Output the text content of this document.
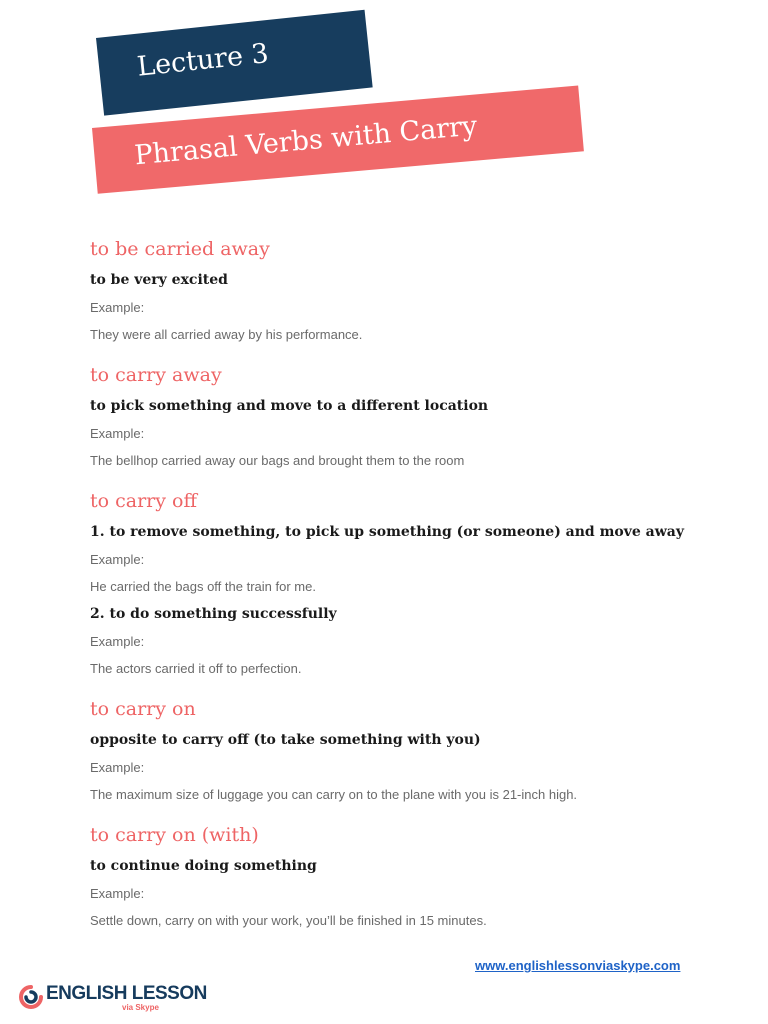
Lecture 3
Phrasal Verbs with Carry
to be carried away
to be very excited
Example:
They were all carried away by his performance.
to carry away
to pick something and move to a different location
Example:
The bellhop carried away our bags and brought them to the room
to carry off
1. to remove something, to pick up something (or someone) and move away
Example:
He carried the bags off the train for me.
2. to do something successfully
Example:
The actors carried it off to perfection.
to carry on
opposite to carry off (to take something with you)
Example:
The maximum size of luggage you can carry on to the plane with you is 21-inch high.
to carry on (with)
to continue doing something
Example:
Settle down, carry on with your work, you’ll be finished in 15 minutes.
www.englishlessonviaskype.com
ENGLISH LESSON
via Skype
